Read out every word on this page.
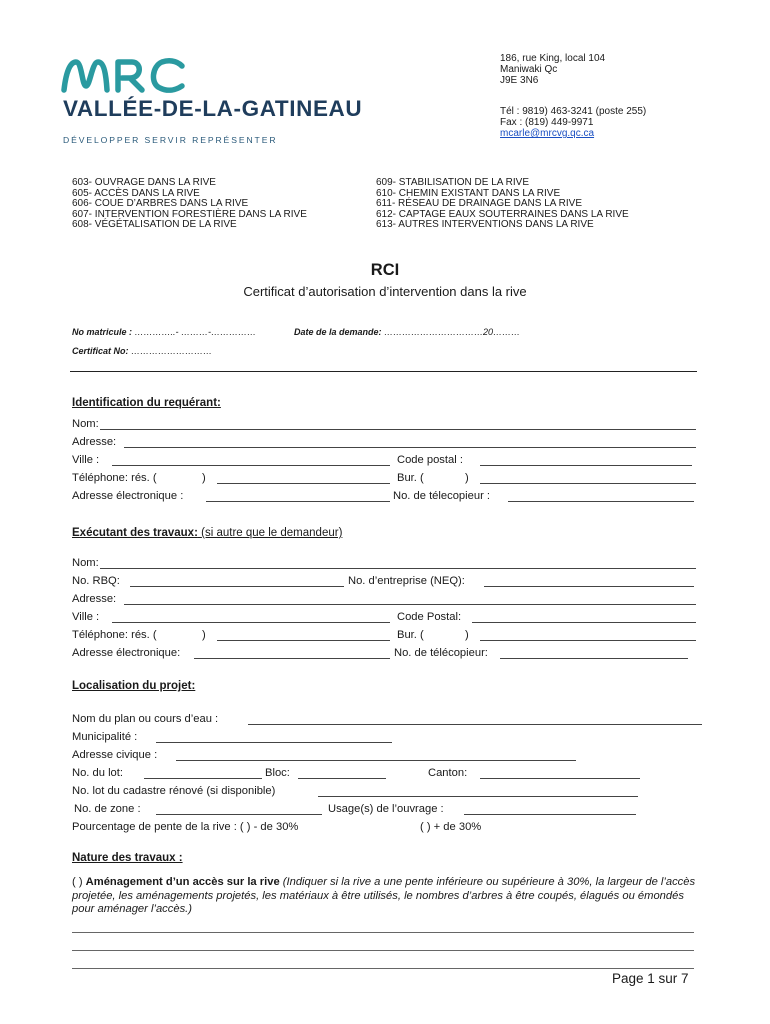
VALLÉE-DE-LA-GATINEAU
DÉVELOPPER SERVIR REPRÉSENTER
186, rue King, local 104
Maniwaki Qc
J9E 3N6
Tél : 9819) 463-3241 (poste 255)
Fax : (819) 449-9971
mcarle@mrcvg.qc.ca
603- OUVRAGE DANS LA RIVE
605- ACCÈS DANS LA RIVE
606- COUE D’ARBRES DANS LA RIVE
607- INTERVENTION FORESTIÈRE DANS LA RIVE
608- VÉGÉTALISATION DE LA RIVE
609- STABILISATION DE LA RIVE
610- CHEMIN EXISTANT DANS LA RIVE
611- RÉSEAU DE DRAINAGE DANS LA RIVE
612- CAPTAGE EAUX SOUTERRAINES DANS LA RIVE
613- AUTRES INTERVENTIONS DANS LA RIVE
RCI
Certificat d’autorisation d’intervention dans la rive
No matricule : …………..- ………-……………	Date de la demande: ……………………………20………
Certificat No: ………………………
Identification du requérant:
Nom:
Adresse:
Ville :	Code postal :
Téléphone: rés. (	)	Bur. (	)
Adresse électronique :	No. de télecopieur :
Exécutant des travaux: (si autre que le demandeur)
Nom:
No. RBQ:	No. d’entreprise (NEQ):
Adresse:
Ville :	Code Postal:
Téléphone: rés. (	)	Bur. (	)
Adresse électronique:	No. de télécopieur:
Localisation du projet:
Nom du plan ou cours d’eau :
Municipalité :
Adresse civique :
No. du lot:	Bloc:	Canton:
No. lot du cadastre rénové (si disponible)
No. de zone :	Usage(s) de l’ouvrage :
Pourcentage de pente de la rive : ( ) - de 30%	( ) + de 30%
Nature des travaux :
( ) Aménagement d’un accès sur la rive (Indiquer si la rive a une pente inférieure ou supérieure à 30%, la largeur de l’accès projetée, les aménagements projetés, les matériaux à être utilisés, le nombres d’arbres à être coupés, élagués ou émondés pour aménager l’accès.)
Page 1 sur 7
